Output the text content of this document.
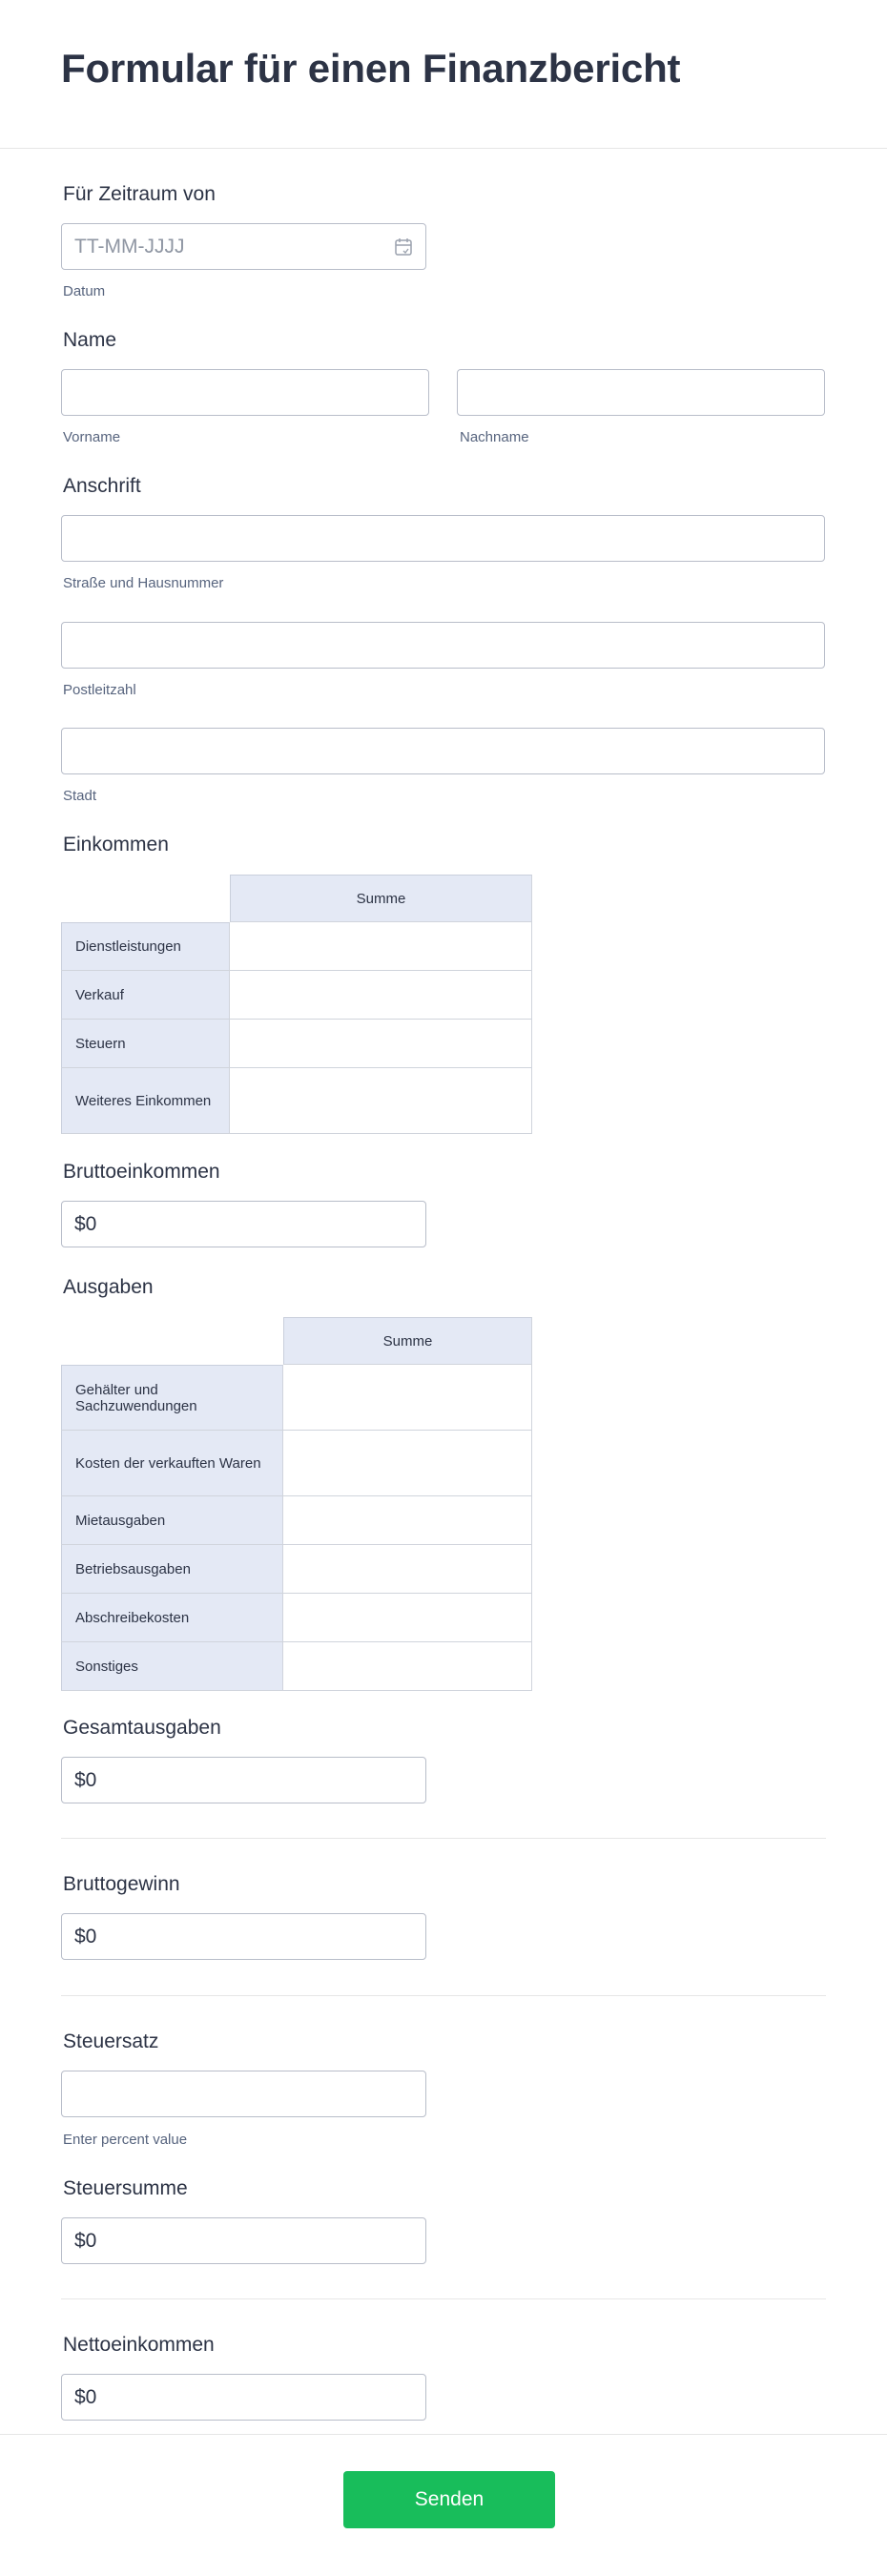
Formular für einen Finanzbericht
Für Zeitraum von
TT-MM-JJJJ
Datum
Name
Vorname	Nachname
Anschrift
Straße und Hausnummer
Postleitzahl
Stadt
Einkommen
	Summe
Dienstleistungen	
Verkauf	
Steuern	
Weiteres Einkommen	
Bruttoeinkommen
$0
Ausgaben
	Summe
Gehälter und Sachzuwendungen	
Kosten der verkauften Waren	
Mietausgaben	
Betriebsausgaben	
Abschreibekosten	
Sonstiges	
Gesamtausgaben
$0
Bruttogewinn
$0
Steuersatz
Enter percent value
Steuersumme
$0
Nettoeinkommen
$0
Senden
